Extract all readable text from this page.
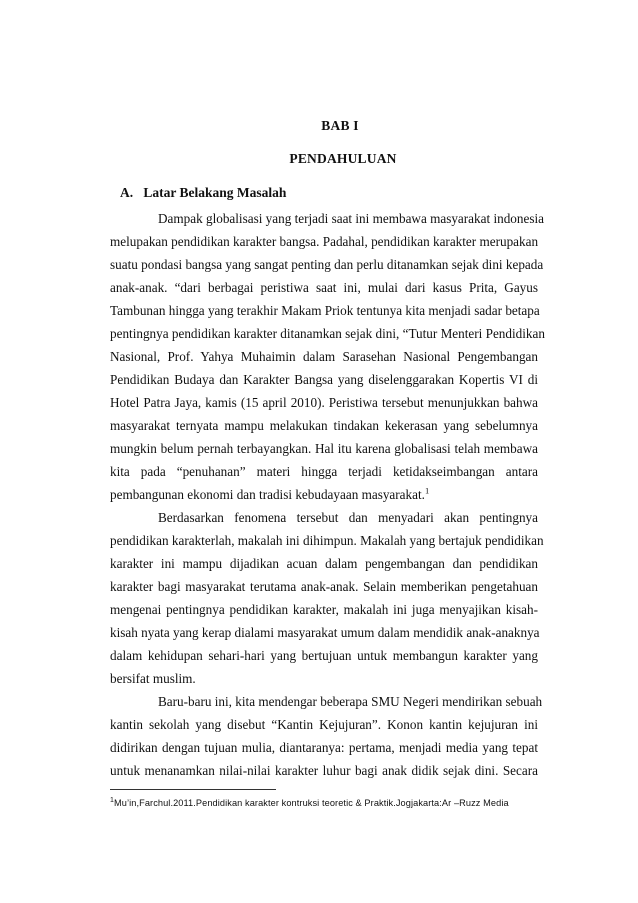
BAB I
PENDAHULUAN
A. Latar Belakang Masalah
Dampak globalisasi yang terjadi saat ini membawa masyarakat indonesia
melupakan pendidikan karakter bangsa. Padahal, pendidikan karakter merupakan
suatu pondasi bangsa yang sangat penting dan perlu ditanamkan sejak dini kepada
anak-anak. “dari berbagai peristiwa saat ini, mulai dari kasus Prita, Gayus
Tambunan hingga yang terakhir Makam Priok tentunya kita menjadi sadar betapa
pentingnya pendidikan karakter ditanamkan sejak dini, “Tutur Menteri Pendidikan
Nasional, Prof. Yahya Muhaimin dalam Sarasehan Nasional Pengembangan
Pendidikan Budaya dan Karakter Bangsa yang diselenggarakan Kopertis VI di
Hotel Patra Jaya, kamis (15 april 2010). Peristiwa tersebut menunjukkan bahwa
masyarakat ternyata mampu melakukan tindakan kekerasan yang sebelumnya
mungkin belum pernah terbayangkan. Hal itu karena globalisasi telah membawa
kita pada “penuhanan” materi hingga terjadi ketidakseimbangan antara
pembangunan ekonomi dan tradisi kebudayaan masyarakat.$^1$
Berdasarkan fenomena tersebut dan menyadari akan pentingnya
pendidikan karakterlah, makalah ini dihimpun. Makalah yang bertajuk pendidikan
karakter ini mampu dijadikan acuan dalam pengembangan dan pendidikan
karakter bagi masyarakat terutama anak-anak. Selain memberikan pengetahuan
mengenai pentingnya pendidikan karakter, makalah ini juga menyajikan kisah-
kisah nyata yang kerap dialami masyarakat umum dalam mendidik anak-anaknya
dalam kehidupan sehari-hari yang bertujuan untuk membangun karakter yang
bersifat muslim.
Baru-baru ini, kita mendengar beberapa SMU Negeri mendirikan sebuah
kantin sekolah yang disebut “Kantin Kejujuran”. Konon kantin kejujuran ini
didirikan dengan tujuan mulia, diantaranya: pertama, menjadi media yang tepat
untuk menanamkan nilai-nilai karakter luhur bagi anak didik sejak dini. Secara
$^1$Mu’in,Farchul.2011.Pendidikan karakter kontruksi teoretic & Praktik.Jogjakarta:Ar –Ruzz Media
